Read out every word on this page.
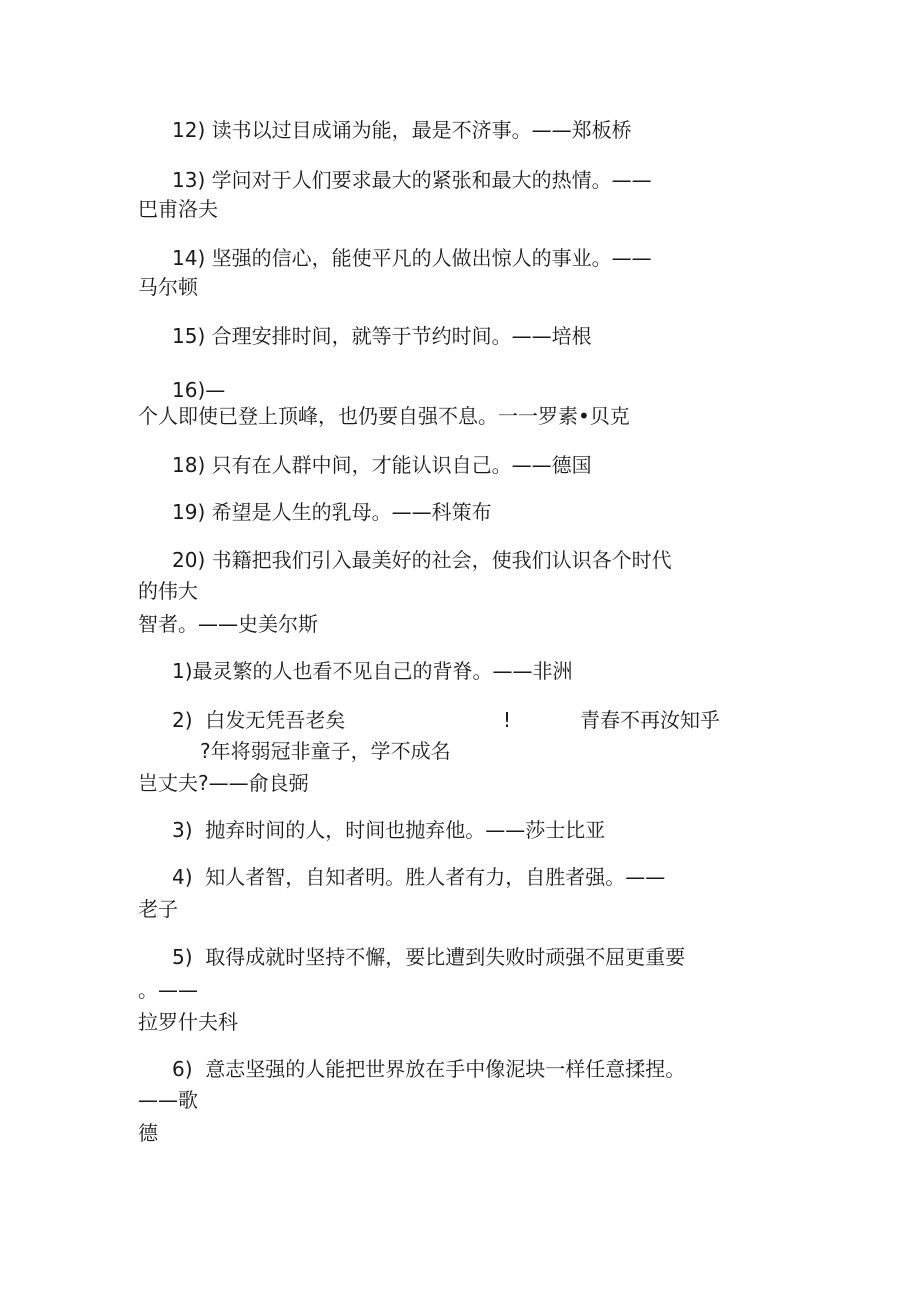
12) 读书以过目成诵为能，最是不济事。——郑板桥
13) 学问对于人们要求最大的紧张和最大的热情。——
巴甫洛夫
14) 坚强的信心，能使平凡的人做出惊人的事业。——
马尔顿
15) 合理安排时间，就等于节约时间。——培根
16)—
个人即使已登上顶峰，也仍要自强不息。一一罗素•贝克
18) 只有在人群中间，才能认识自己。——德国
19) 希望是人生的乳母。——科策布
20) 书籍把我们引入最美好的社会，使我们认识各个时代
的伟大
智者。——史美尔斯
1)最灵繁的人也看不见自己的背脊。——非洲
2)  白发无凭吾老矣	!	青春不再汝知乎
?年将弱冠非童子，学不成名
岂丈夫?——俞良弼
3)  抛弃时间的人，时间也抛弃他。——莎士比亚
4)  知人者智，自知者明。胜人者有力，自胜者强。——
老子
5)  取得成就时坚持不懈，要比遭到失败时顽强不屈更重要
。——
拉罗什夫科
6)  意志坚强的人能把世界放在手中像泥块一样任意揉捏。
——歌
德
